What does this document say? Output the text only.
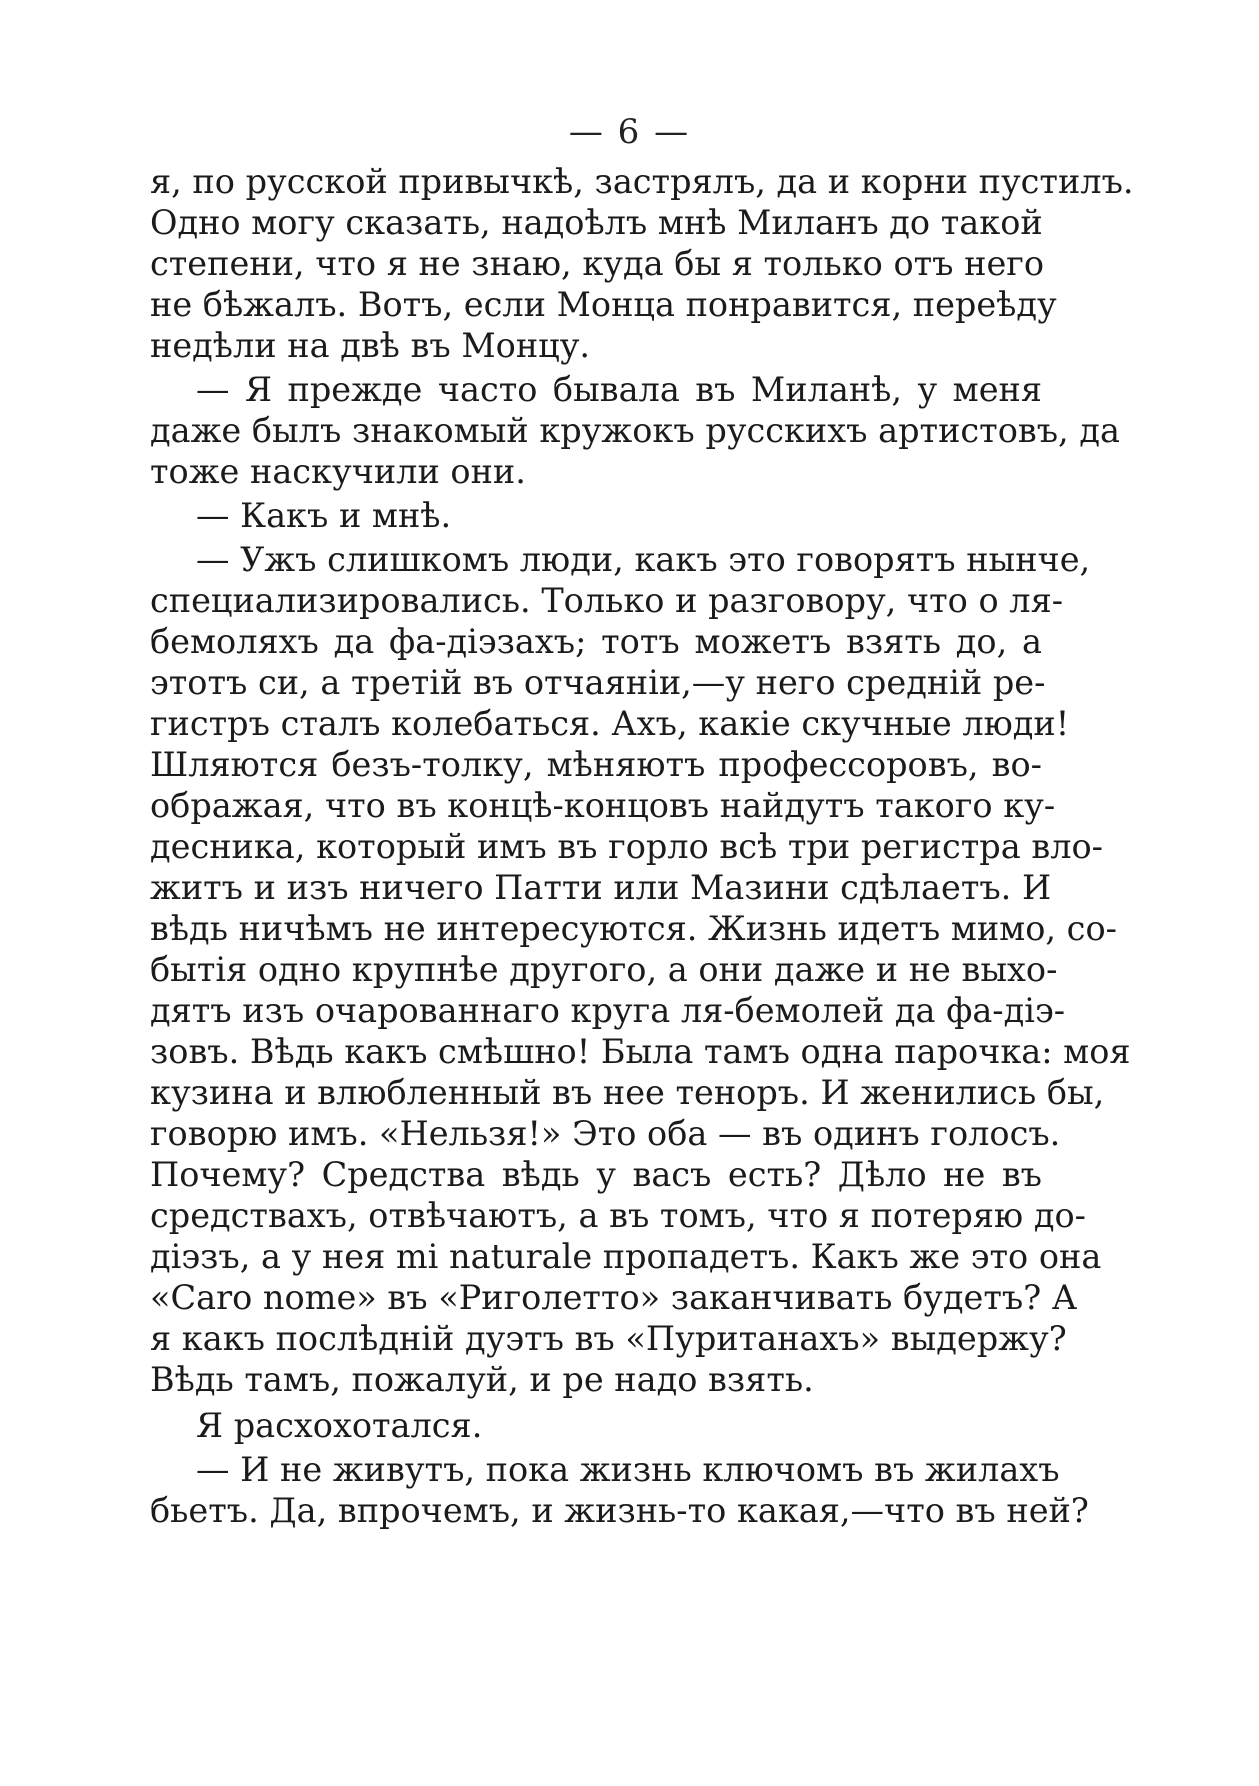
— 6 —
я, по русской привычкѣ, застрялъ, да и корни пустилъ.
Одно могу сказать, надоѣлъ мнѣ Миланъ до такой
степени, что я не знаю, куда бы я только отъ него
не бѣжалъ. Вотъ, если Монца понравится, переѣду
недѣли на двѣ въ Монцу.
— Я прежде часто бывала въ Миланѣ, у меня
даже былъ знакомый кружокъ русскихъ артистовъ, да
тоже наскучили они.
— Какъ и мнѣ.
— Ужъ слишкомъ люди, какъ это говорятъ нынче,
специализировались. Только и разговору, что о ля-
бемоляхъ да фа-діэзахъ; тотъ можетъ взять до, а
этотъ си, а третій въ отчаяніи,—у него средній ре-
гистръ сталъ колебаться. Ахъ, какіе скучные люди!
Шляются безъ-толку, мѣняютъ профессоровъ, во-
ображая, что въ концѣ-концовъ найдутъ такого ку-
десника, который имъ въ горло всѣ три регистра вло-
житъ и изъ ничего Патти или Мазини сдѣлаетъ. И
вѣдь ничѣмъ не интересуются. Жизнь идетъ мимо, со-
бытія одно крупнѣе другого, а они даже и не выхо-
дятъ изъ очарованнаго круга ля-бемолей да фа-діэ-
зовъ. Вѣдь какъ смѣшно! Была тамъ одна парочка: моя
кузина и влюбленный въ нее теноръ. И женились бы,
говорю имъ. «Нельзя!» Это оба — въ одинъ голосъ.
Почему? Средства вѣдь у васъ есть? Дѣло не въ
средствахъ, отвѣчаютъ, а въ томъ, что я потеряю до-
діэзъ, а у нея mi naturale пропадетъ. Какъ же это она
«Caro nome» въ «Риголетто» заканчивать будетъ? А
я какъ послѣдній дуэтъ въ «Пуританахъ» выдержу?
Вѣдь тамъ, пожалуй, и ре надо взять.
Я расхохотался.
— И не живутъ, пока жизнь ключомъ въ жилахъ
бьетъ. Да, впрочемъ, и жизнь-то какая,—что въ ней?
